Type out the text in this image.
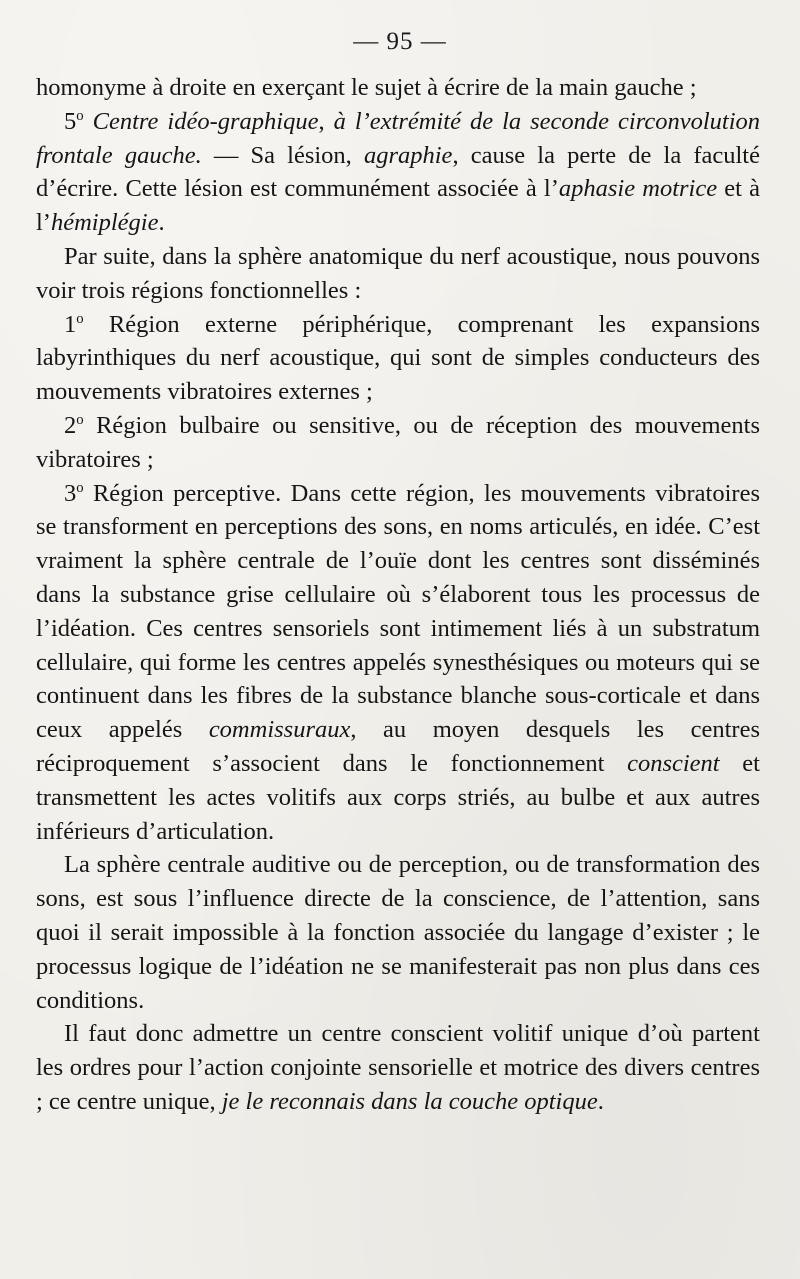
— 95 —

homonyme à droite en exerçant le sujet à écrire de la main gauche ;

5$^o$ Centre idéo-graphique, à l’extrémité de la seconde circonvolution frontale gauche. — Sa lésion, agraphie, cause la perte de la faculté d’écrire. Cette lésion est communément associée à l’aphasie motrice et à l’hémiplégie.

Par suite, dans la sphère anatomique du nerf acoustique, nous pouvons voir trois régions fonctionnelles :

1$^o$ Région externe périphérique, comprenant les expansions labyrinthiques du nerf acoustique, qui sont de simples conducteurs des mouvements vibratoires externes ;

2$^o$ Région bulbaire ou sensitive, ou de réception des mouvements vibratoires ;

3$^o$ Région perceptive. Dans cette région, les mouvements vibratoires se transforment en perceptions des sons, en noms articulés, en idée. C’est vraiment la sphère centrale de l’ouïe dont les centres sont disséminés dans la substance grise cellulaire où s’élaborent tous les processus de l’idéation. Ces centres sensoriels sont intimement liés à un substratum cellulaire, qui forme les centres appelés synesthésiques ou moteurs qui se continuent dans les fibres de la substance blanche sous-corticale et dans ceux appelés commissuraux, au moyen desquels les centres réciproquement s’associent dans le fonctionnement conscient et transmettent les actes volitifs aux corps striés, au bulbe et aux autres inférieurs d’articulation.

La sphère centrale auditive ou de perception, ou de transformation des sons, est sous l’influence directe de la conscience, de l’attention, sans quoi il serait impossible à la fonction associée du langage d’exister ; le processus logique de l’idéation ne se manifesterait pas non plus dans ces conditions.

Il faut donc admettre un centre conscient volitif unique d’où partent les ordres pour l’action conjointe sensorielle et motrice des divers centres ; ce centre unique, je le reconnais dans la couche optique.
